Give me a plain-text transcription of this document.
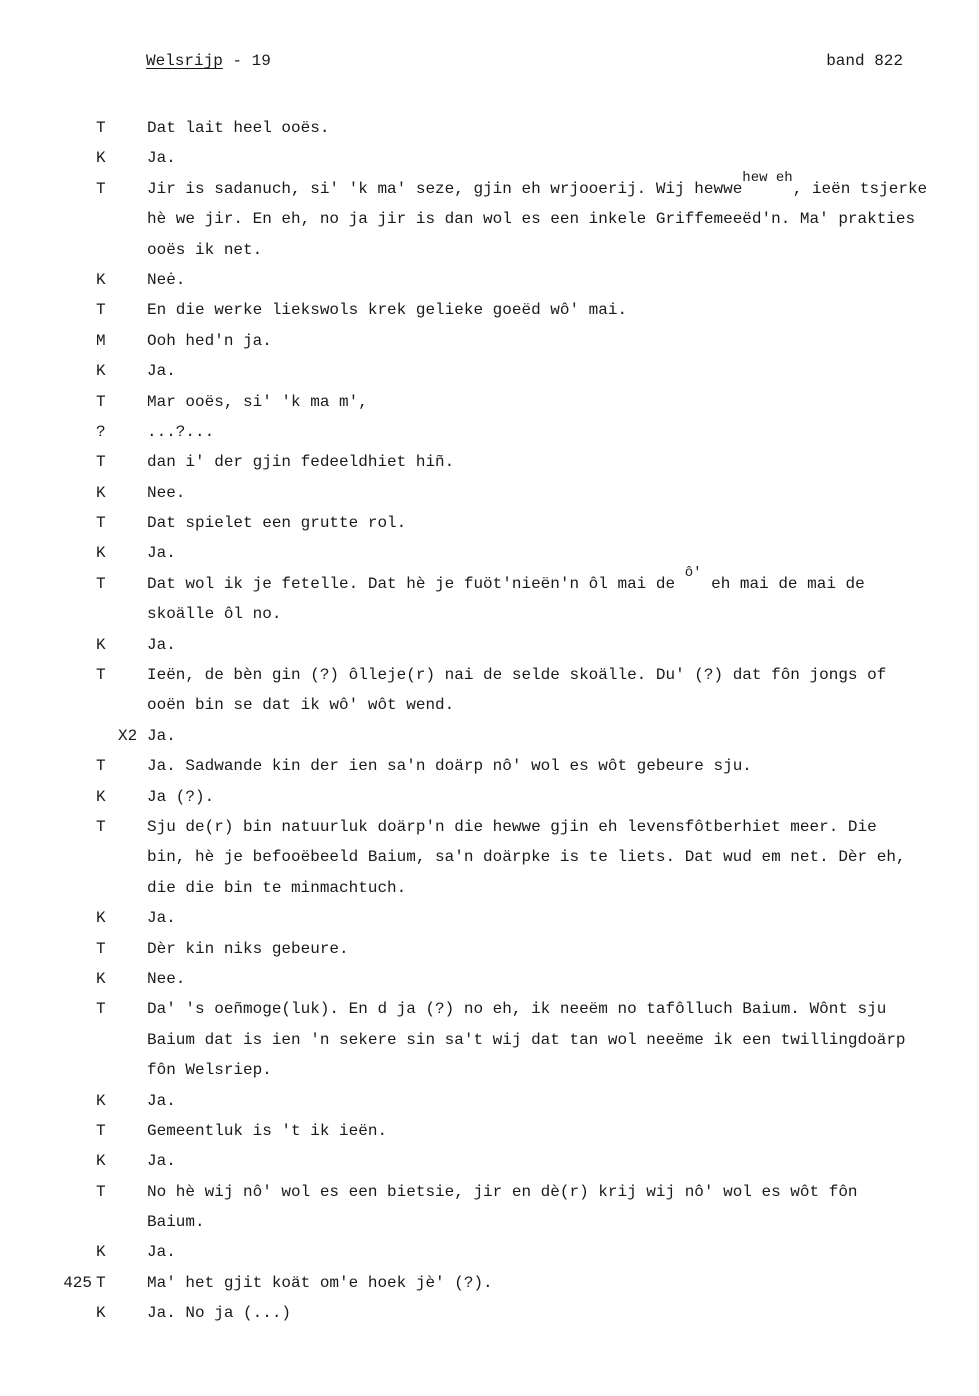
Welsrijp - 19	band 822
T	Dat lait heel ooës.
K	Ja.
T	Jir is sadanuch, si' 'k ma' seze, gjin eh wrjooerij. Wij hewwehew eh, ieën tsjerke
hè we jir. En eh, no ja jir is dan wol es een inkele Griffemeeëd'n. Ma' prakties
ooës ik net.
K	Neė.
T	En die werke liekswols krek gelieke goeëd wô' mai.
M	Ooh hed'n ja.
K	Ja.
T	Mar ooës, si' 'k ma m',
?	...?...
T	dan i' der gjin fedeeldhiet hiñ.
K	Nee.
T	Dat spielet een grutte rol.
K	Ja.
T	Dat wol ik je fetelle. Dat hè je fuöt'nieën'n ôl mai de ô' eh mai de mai de
skoälle ôl no.
K	Ja.
T	Ieën, de bèn gin (?) ôlleje(r) nai de selde skoälle. Du' (?) dat fôn jongs of
ooën bin se dat ik wô' wôt wend.
X2 Ja.
T	Ja. Sadwande kin der ien sa'n doärp nô' wol es wôt gebeure sju.
K	Ja (?).
T	Sju de(r) bin natuurluk doärp'n die hewwe gjin eh levensfôtberhiet meer. Die
bin, hè je befooëbeeld Baium, sa'n doärpke is te liets. Dat wud em net. Dèr eh,
die die bin te minmachtuch.
K	Ja.
T	Dèr kin niks gebeure.
K	Nee.
T	Da' 's oeñmoge(luk). En d ja (?) no eh, ik neeëm no tafôlluch Baium. Wônt sju
Baium dat is ien 'n sekere sin sa't wij dat tan wol neeëme ik een twillingdoärp
fôn Welsriep.
K	Ja.
T	Gemeentluk is 't ik ieën.
K	Ja.
T	No hè wij nô' wol es een bietsie, jir en dè(r) krij wij nô' wol es wôt fôn
Baium.
K	Ja.
425 T	Ma' het gjit koät om'e hoek jè' (?).
K	Ja. No ja (...)
